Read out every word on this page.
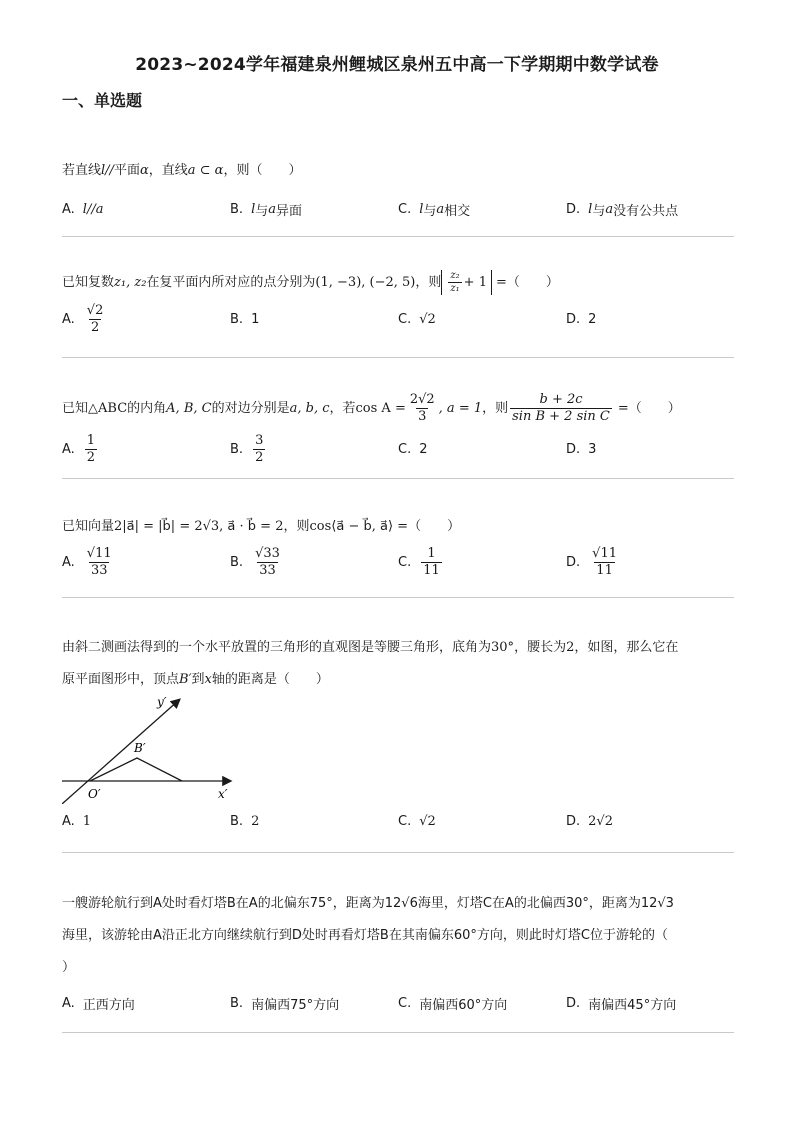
2023~2024学年福建泉州鲤城区泉州五中高一下学期期中数学试卷
一、单选题
若直线l//平面α，直线a ⊂ α，则（　　）
A. l//a	B. l 与 a 异面	C. l 与 a 相交	D. l 与 a 没有公共点
已知复数 z₁, z₂ 在复平面内所对应的点分别为 (1, −3), (−2, 5) ，则 $\frac{\text{z₂}}{\text{z₁}} + 1$ =（　　）
A. $\frac{√2}{2}$	B. 1	C. √2	D. 2
已知 △ABC 的内角 A, B, C 的对边分别是 a, b, c ，若 $\cos A = \frac{2√2}{3}$ , a = 1 ，则 $\frac{b + 2c}{\text{sin B + 2 sin C}}$ =（　　）
A. $\frac{1}{2}$	B. $\frac{3}{2}$	C. 2	D. 3
已知向量2|a⃗| = |b⃗| = 2√3, a⃗ · b⃗ = 2，则cos⟨a⃗ − b⃗, a⃗⟩ =（　　）
A. $\frac{√11}{33}$	B. $\frac{√33}{33}$	C. $\frac{1}{11}$	D. $\frac{√11}{11}$
由斜二测画法得到的一个水平放置的三角形的直观图是等腰三角形，底角为30°，腰长为2，如图，那么它在
原平面图形中，顶点B′到x轴的距离是（　　）
y′
B′
O′	x′
A. 1	B. 2	C. √2	D. 2√2
一艘游轮航行到A处时看灯塔B在A的北偏东75°，距离为12√6海里，灯塔C在A的北偏西30°，距离为12√3
海里，该游轮由A沿正北方向继续航行到D处时再看灯塔B在其南偏东60°方向，则此时灯塔C位于游轮的（
）
A. 正西方向	B. 南偏西75°方向	C. 南偏西60°方向	D. 南偏西45°方向
